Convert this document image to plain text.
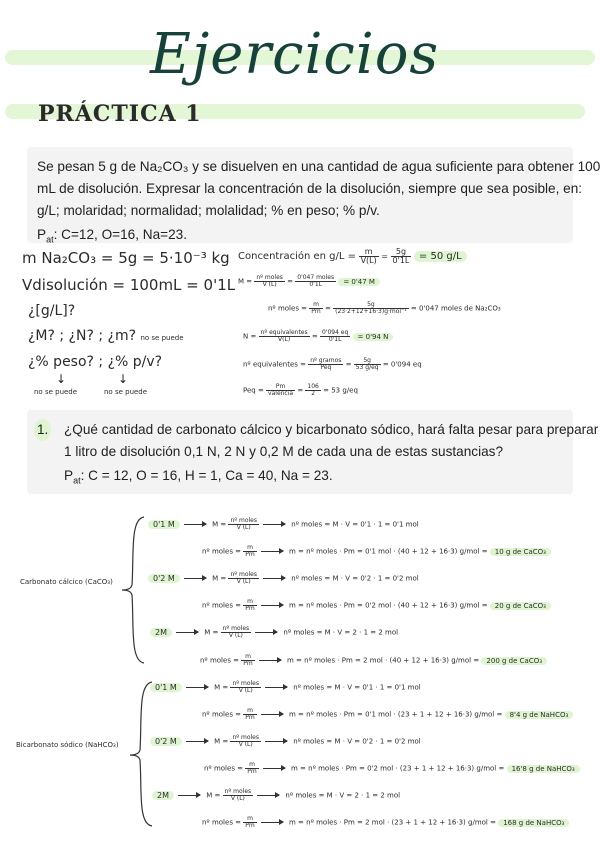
Ejercicios
PRÁCTICA 1
Se pesan 5 g de Na₂CO₃ y se disuelven en una cantidad de agua suficiente para obtener 100
mL de disolución. Expresar la concentración de la disolución, siempre que sea posible, en:
g/L; molaridad; normalidad; molalidad; % en peso; % p/v.
$P_{at}$: C=12, O=16, Na=23.
m Na₂CO₃ = 5g = 5·10⁻³ kg
Vdisolución = 100mL = 0'1L
¿[g/L]?
¿M? ; ¿N? ; ¿m? no se puede
¿% peso? ; ¿% p/v?
no se puede	no se puede
↓	↓
Concentración en $g/L = \frac{m}{V(L)} = \frac{5g}{0'1L} = 50$ g/L
$M = \frac{\text{nº moles}}{V (L)} = \frac{\text{0'047 moles}}{0'1L} = 0'47$ M
nº moles = $\frac{m}{Pm} = \frac{5g}{\text{(23·2+12+16·3)g·mol⁻¹}} = 0'047$ moles de Na₂CO₃
$N = \frac{\text{nº equivalentes}}{V(L)} = \frac{0'094 eq}{0'1L} = 0'94$ N
nº equivalentes = $\frac{\text{nº gramos}}{\text{Peq}} = \frac{5g}{53 g/eq} = 0'094$ eq
Peq = $\frac{Pm}{\text{valencia}} = \frac{106}{2} = 53$ g/eq
1. ¿Qué cantidad de carbonato cálcico y bicarbonato sódico, hará falta pesar para preparar
1 litro de disolución 0,1 N, 2 N y 0,2 M de cada una de estas sustancias?
$P_{at}$: C = 12, O = 16, H = 1, Ca = 40, Na = 23.
Carbonato cálcico (CaCO₃)
Bicarbonato sódico (NaHCO₃)
0'1 M	$M = \frac{\text{nº moles}}{V (L)}$	nº moles = M · V = 0'1 · 1 = 0'1 mol
nº moles = $\frac{m}{Pm}$	m = nº moles · Pm = 0'1 mol · (40 + 12 + 16·3) g/mol = 10 g de CaCO₃
0'2 M	$M = \frac{\text{nº moles}}{V (L)}$	nº moles = M · V = 0'2 · 1 = 0'2 mol
nº moles = $\frac{m}{Pm}$	m = nº moles · Pm = 0'2 mol · (40 + 12 + 16·3) g/mol = 20 g de CaCO₃
2M	$M = \frac{\text{nº moles}}{V (L)}$	nº moles = M · V = 2 · 1 = 2 mol
nº moles = $\frac{m}{Pm}$	m = nº moles · Pm = 2 mol · (40 + 12 + 16·3) g/mol = 200 g de CaCO₃
0'1 M	$M = \frac{\text{nº moles}}{V (L)}$	nº moles = M · V = 0'1 · 1 = 0'1 mol
nº moles = $\frac{m}{Pm}$	m = nº moles · Pm = 0'1 mol · (23 + 1 + 12 + 16·3) g/mol = 8'4 g de NaHCO₃
0'2 M	$M = \frac{\text{nº moles}}{V (L)}$	nº moles = M · V = 0'2 · 1 = 0'2 mol
nº moles = $\frac{m}{Pm}$	m = nº moles · Pm = 0'2 mol · (23 + 1 + 12 + 16·3) g/mol = 16'8 g de NaHCO₃
2M	$M = \frac{\text{nº moles}}{V (L)}$	nº moles = M · V = 2 · 1 = 2 mol
nº moles = $\frac{m}{Pm}$	m = nº moles · Pm = 2 mol · (23 + 1 + 12 + 16·3) g/mol = 168 g de NaHCO₃
